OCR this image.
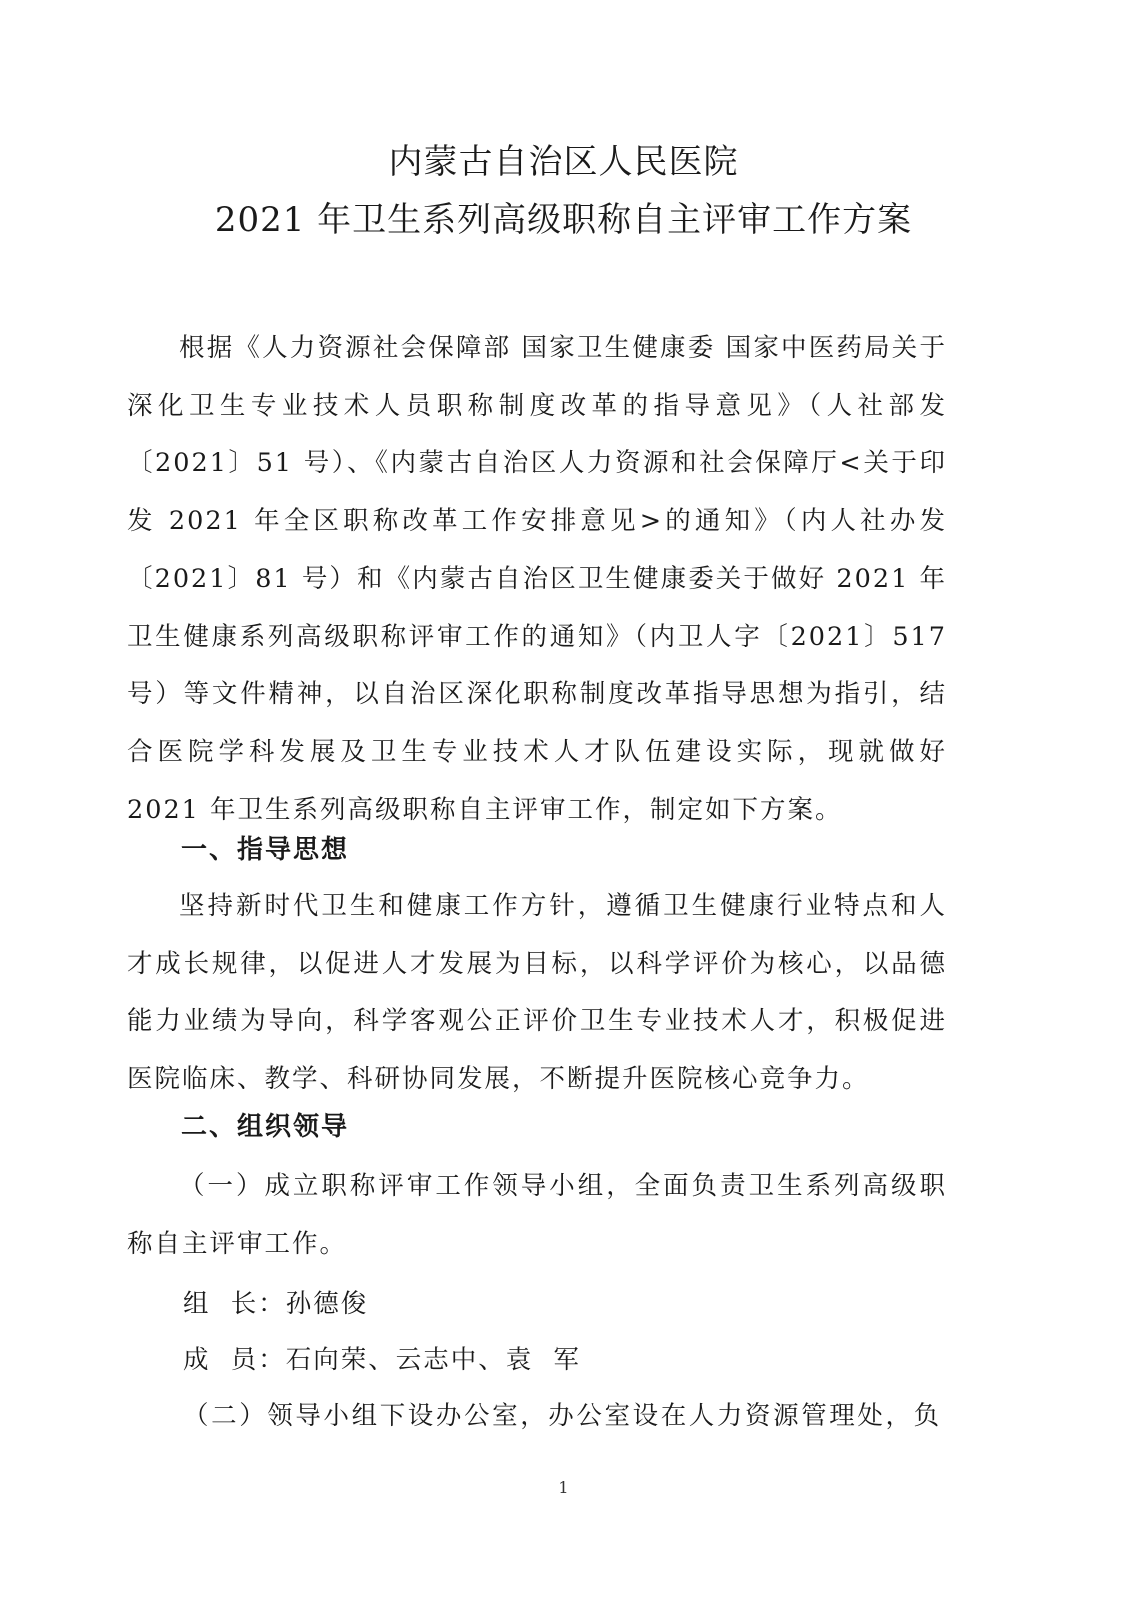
内蒙古自治区人民医院
2021 年卫生系列高级职称自主评审工作方案
根据《人力资源社会保障部 国家卫生健康委 国家中医药局关于深化卫生专业技术人员职称制度改革的指导意见》（人社部发〔2021〕51 号）、《内蒙古自治区人力资源和社会保障厅<关于印发 2021 年全区职称改革工作安排意见>的通知》（内人社办发〔2021〕81 号）和《内蒙古自治区卫生健康委关于做好 2021 年卫生健康系列高级职称评审工作的通知》（内卫人字〔2021〕517 号）等文件精神，以自治区深化职称制度改革指导思想为指引，结合医院学科发展及卫生专业技术人才队伍建设实际，现就做好 2021 年卫生系列高级职称自主评审工作，制定如下方案。
一、指导思想
坚持新时代卫生和健康工作方针，遵循卫生健康行业特点和人才成长规律，以促进人才发展为目标，以科学评价为核心，以品德能力业绩为导向，科学客观公正评价卫生专业技术人才，积极促进医院临床、教学、科研协同发展，不断提升医院核心竞争力。
二、组织领导
（一）成立职称评审工作领导小组，全面负责卫生系列高级职称自主评审工作。
组  长：孙德俊
成  员：石向荣、云志中、袁  军
（二）领导小组下设办公室，办公室设在人力资源管理处，负
1
